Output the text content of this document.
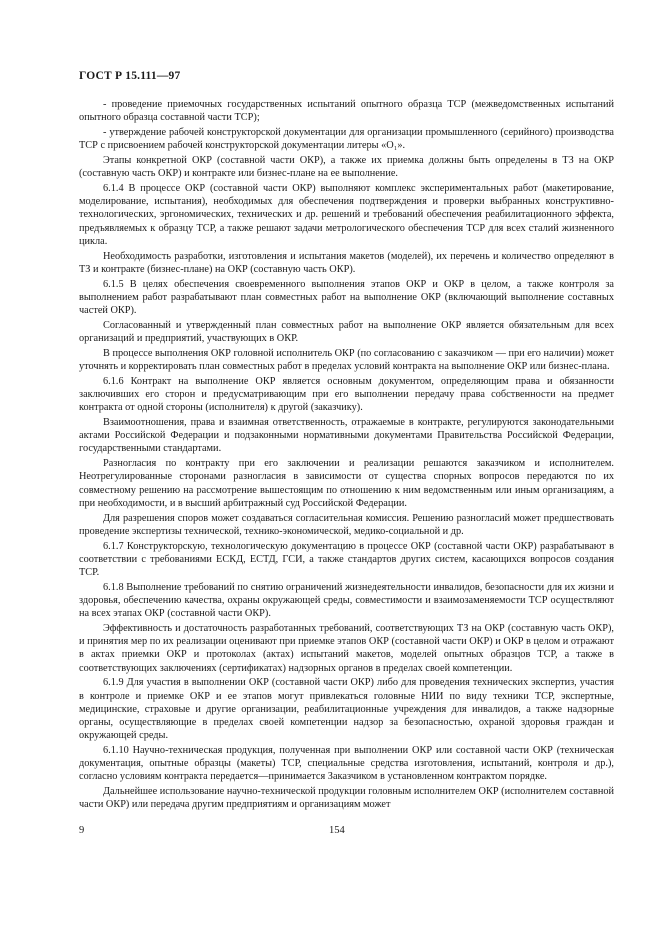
ГОСТ Р 15.111—97

- проведение приемочных государственных испытаний опытного образца ТСР (межведомственных испытаний опытного образца составной части ТСР);

- утверждение рабочей конструкторской документации для организации промышленного (серийного) производства ТСР с присвоением рабочей конструкторской документации литеры «О₁».

Этапы конкретной ОКР (составной части ОКР), а также их приемка должны быть определены в ТЗ на ОКР (составную часть ОКР) и контракте или бизнес-плане на ее выполнение.

6.1.4 В процессе ОКР (составной части ОКР) выполняют комплекс экспериментальных работ (макетирование, моделирование, испытания), необходимых для обеспечения подтверждения и проверки выбранных конструктивно-технологических, эргономических, технических и др. решений и требований обеспечения реабилитационного эффекта, предъявляемых к образцу ТСР, а также решают задачи метрологического обеспечения ТСР для всех сталий жизненного цикла.

Необходимость разработки, изготовления и испытания макетов (моделей), их перечень и количество определяют в ТЗ и контракте (бизнес-плане) на ОКР (составную часть ОКР).

6.1.5 В целях обеспечения своевременного выполнения этапов ОКР и ОКР в целом, а также контроля за выполнением работ разрабатывают план совместных работ на выполнение ОКР (включающий выполнение составных частей ОКР).

Согласованный и утвержденный план совместных работ на выполнение ОКР является обязательным для всех организаций и предприятий, участвующих в ОКР.

В процессе выполнения ОКР головной исполнитель ОКР (по согласованию с заказчиком — при его наличии) может уточнять и корректировать план совместных работ в пределах условий контракта на выполнение ОКР или бизнес-плана.

6.1.6 Контракт на выполнение ОКР является основным документом, определяющим права и обязанности заключивших его сторон и предусматривающим при его выполнении передачу права собственности на предмет контракта от одной стороны (исполнителя) к другой (заказчику).

Взаимоотношения, права и взаимная ответственность, отражаемые в контракте, регулируются законодательными актами Российской Федерации и подзаконными нормативными документами Правительства Российской Федерации, государственными стандартами.

Разногласия по контракту при его заключении и реализации решаются заказчиком и исполнителем. Неотрегулированные сторонами разногласия в зависимости от существа спорных вопросов передаются по их совместному решению на рассмотрение вышестоящим по отношению к ним ведомственным или иным организациям, а при необходимости, и в высший арбитражный суд Российской Федерации.

Для разрешения споров может создаваться согласительная комиссия. Решению разногласий может предшествовать проведение экспертизы технической, технико-экономической, медико-социальной и др.

6.1.7 Конструкторскую, технологическую документацию в процессе ОКР (составной части ОКР) разрабатывают в соответствии с требованиями ЕСКД, ЕСТД, ГСИ, а также стандартов других систем, касающихся вопросов создания ТСР.

6.1.8 Выполнение требований по снятию ограничений жизнедеятельности инвалидов, безопасности для их жизни и здоровья, обеспечению качества, охраны окружающей среды, совместимости и взаимозаменяемости ТСР осуществляют на всех этапах ОКР (составной части ОКР).

Эффективность и достаточность разработанных требований, соответствующих ТЗ на ОКР (составную часть ОКР), и принятия мер по их реализации оценивают при приемке этапов ОКР (составной части ОКР) и ОКР в целом и отражают в актах приемки ОКР и протоколах (актах) испытаний макетов, моделей опытных образцов ТСР, а также в соответствующих заключениях (сертификатах) надзорных органов в пределах своей компетенции.

6.1.9 Для участия в выполнении ОКР (составной части ОКР) либо для проведения технических экспертиз, участия в контроле и приемке ОКР и ее этапов могут привлекаться головные НИИ по виду техники ТСР, экспертные, медицинские, страховые и другие организации, реабилитационные учреждения для инвалидов, а также надзорные органы, осуществляющие в пределах своей компетенции надзор за безопасностью, охраной здоровья граждан и окружающей среды.

6.1.10 Научно-техническая продукция, полученная при выполнении ОКР или составной части ОКР (техническая документация, опытные образцы (макеты) ТСР, специальные средства изготовления, испытаний, контроля и др.), согласно условиям контракта передается—принимается Заказчиком в установленном контрактом порядке.

Дальнейшее использование научно-технической продукции головным исполнителем ОКР (исполнителем составной части ОКР) или передача другим предприятиям и организациям может

9	154
